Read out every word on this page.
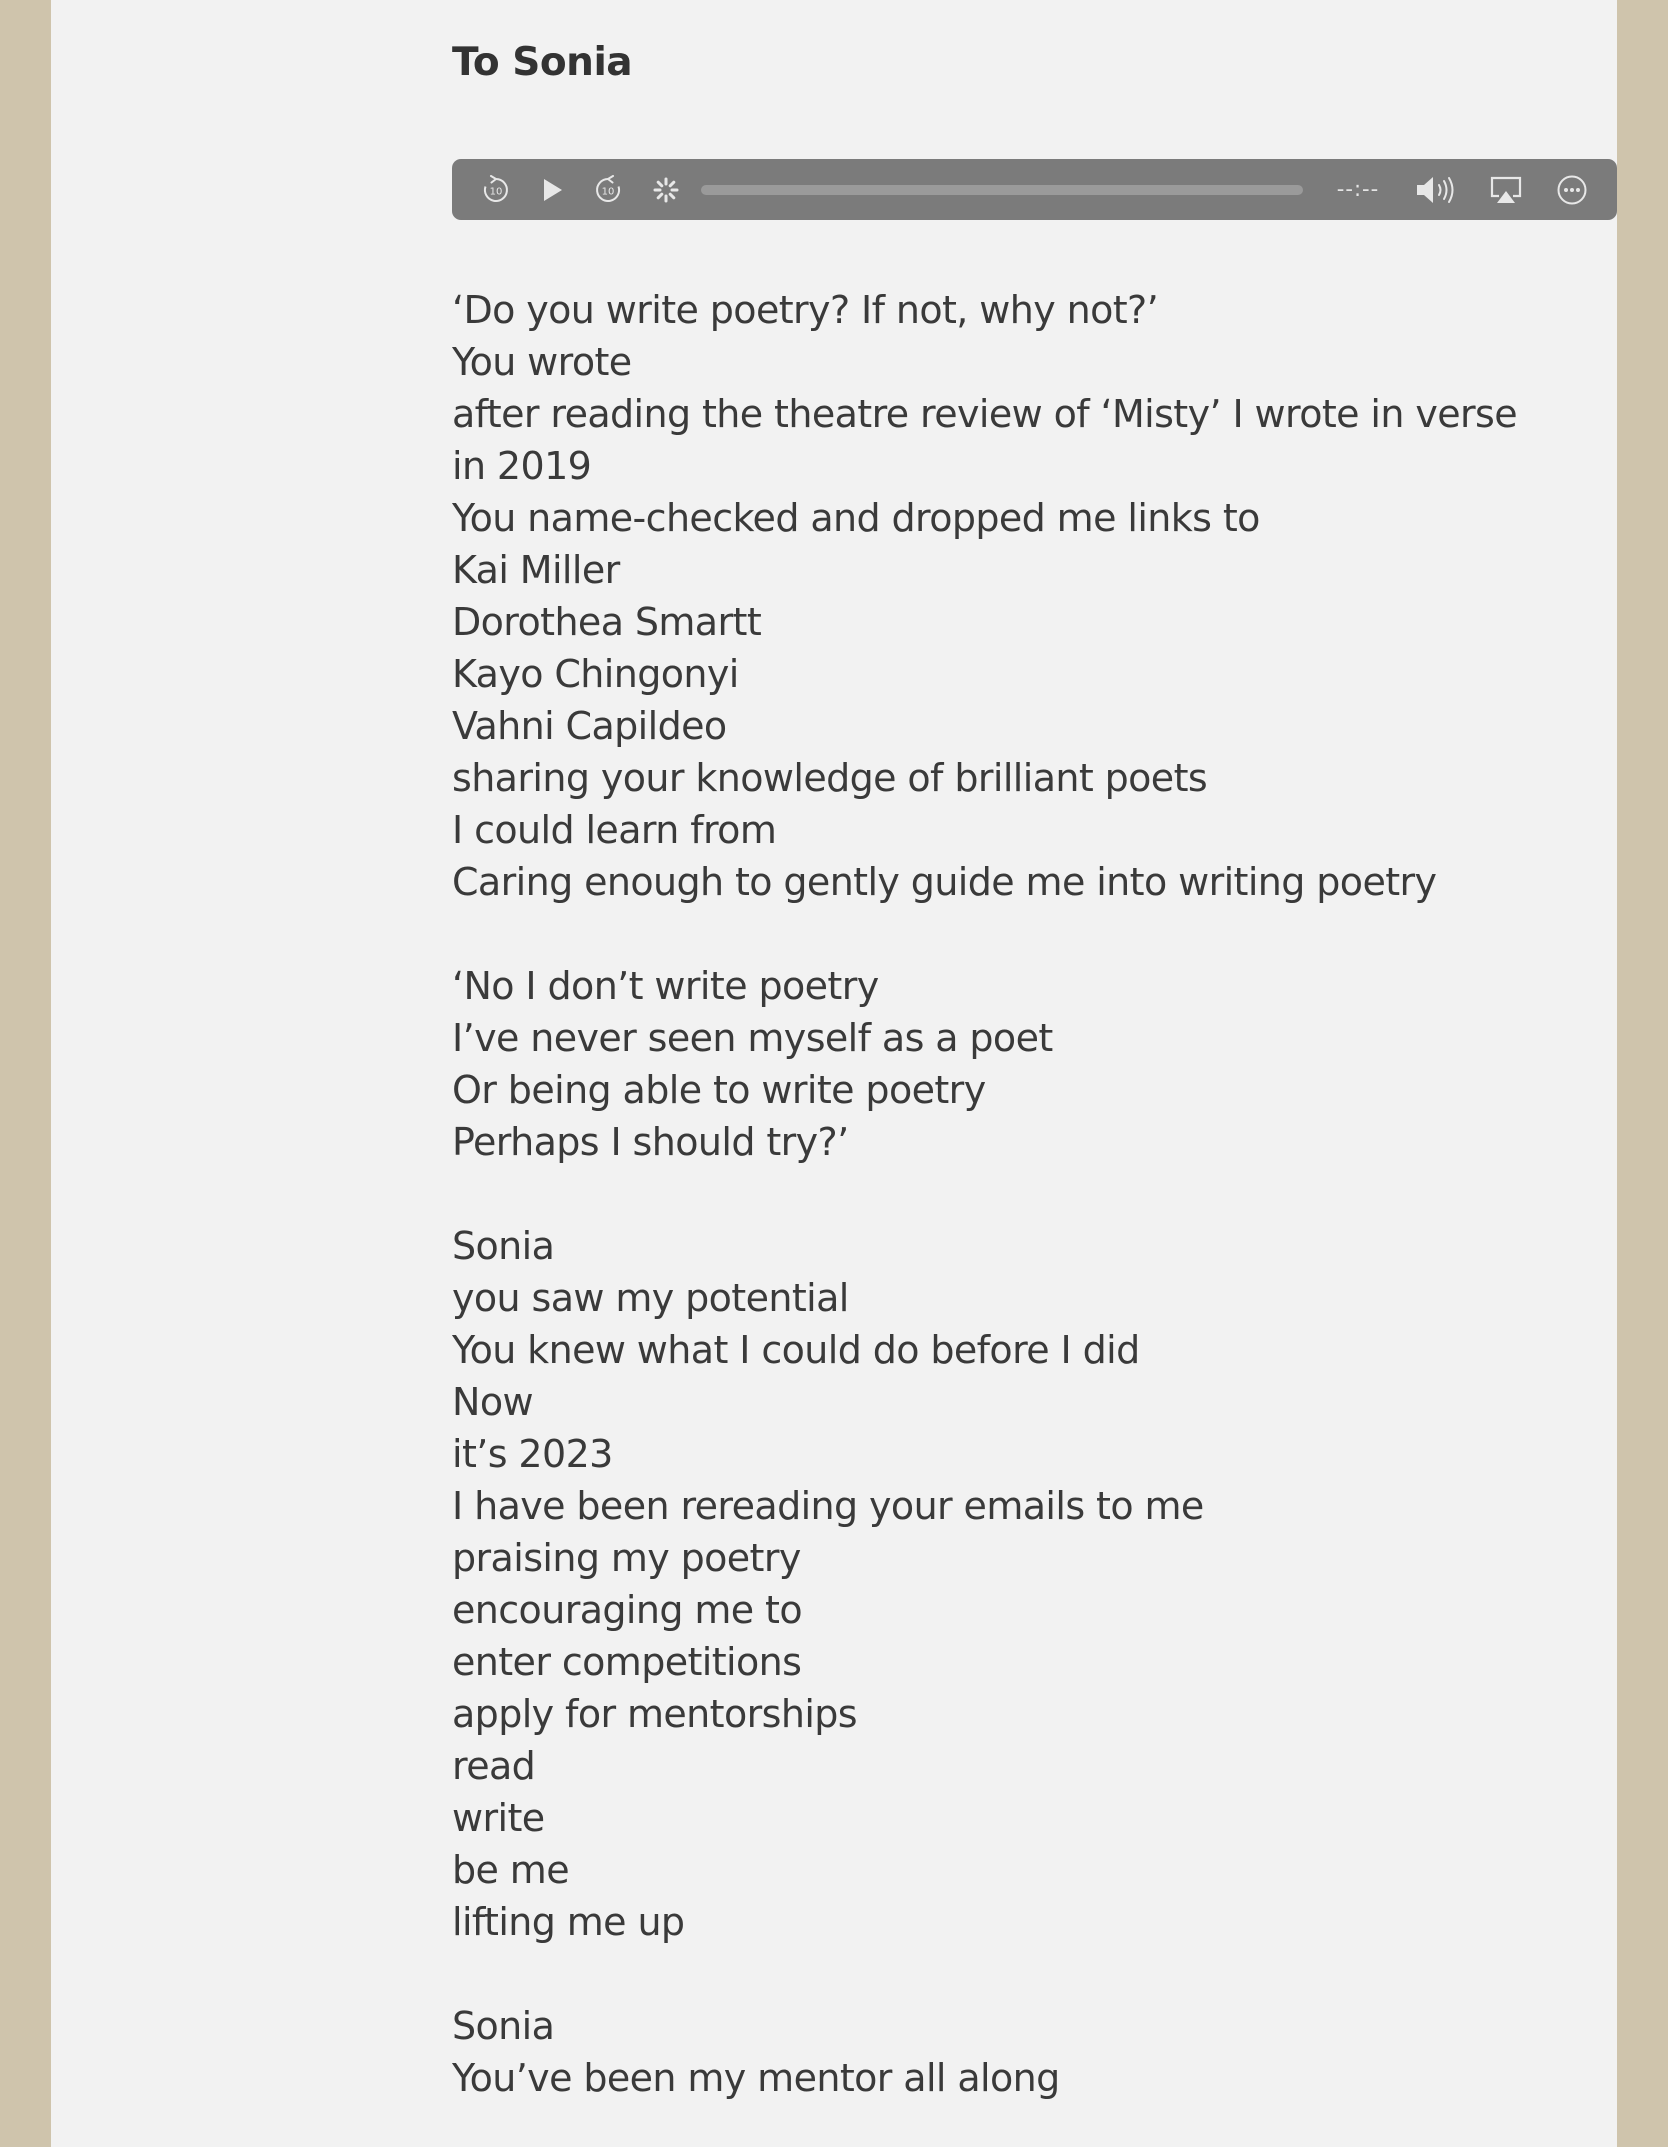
To Sonia
10	10	--:--
‘Do you write poetry? If not, why not?’
You wrote
after reading the theatre review of ‘Misty’ I wrote in verse
in 2019
You name-checked and dropped me links to
Kai Miller
Dorothea Smartt
Kayo Chingonyi
Vahni Capildeo
sharing your knowledge of brilliant poets
I could learn from
Caring enough to gently guide me into writing poetry
‘No I don’t write poetry
I’ve never seen myself as a poet
Or being able to write poetry
Perhaps I should try?’
Sonia
you saw my potential
You knew what I could do before I did
Now
it’s 2023
I have been rereading your emails to me
praising my poetry
encouraging me to
enter competitions
apply for mentorships
read
write
be me
lifting me up
Sonia
You’ve been my mentor all along
